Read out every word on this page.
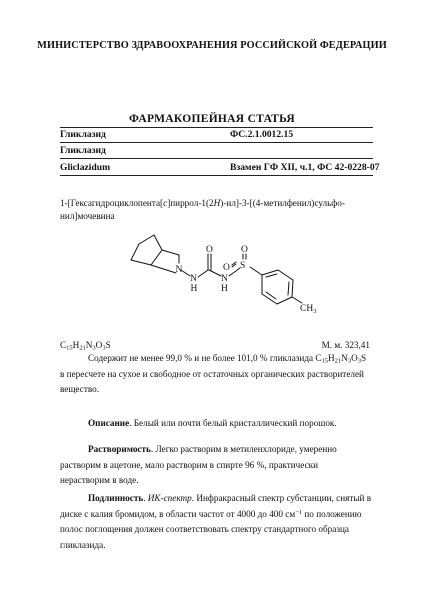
МИНИСТЕРСТВО ЗДРАВООХРАНЕНИЯ РОССИЙСКОЙ ФЕДЕРАЦИИ
ФАРМАКОПЕЙНАЯ СТАТЬЯ
Гликлазид	ФС.2.1.0012.15
Гликлазид
Gliclazidum	Взамен ГФ XII, ч.1, ФС 42-0228-07
1-[Гексагидроциклопента[c]пиррол-1(2H)-ил]-3-[(4-метилфенил)сульфо-
нил]мочевина
N
N
H
O
O S
O
N
H
$CH_3$
$C_{15}H_{21}N_3O_3S$	М. м. 323,41
Содержит не менее 99,0 % и не более 101,0 % гликлазида $C_{15}H_{21}N_3O_3S$
в пересчете на сухое и свободное от остаточных органических растворителей
вещество.
Описание. Белый или почти белый кристаллический порошок.
Растворимость. Легко растворим в метиленхлориде, умеренно
растворим в ацетоне, мало растворим в спирте 96 %, практически
нерастворим в воде.
Подлинность. ИК-спектр. Инфракрасный спектр субстанции, снятый в
диске с калия бромидом, в области частот от 4000 до 400 $см^{-1}$ по положению
полос поглощения должен соответствовать спектру стандартного образца
гликлазида.
